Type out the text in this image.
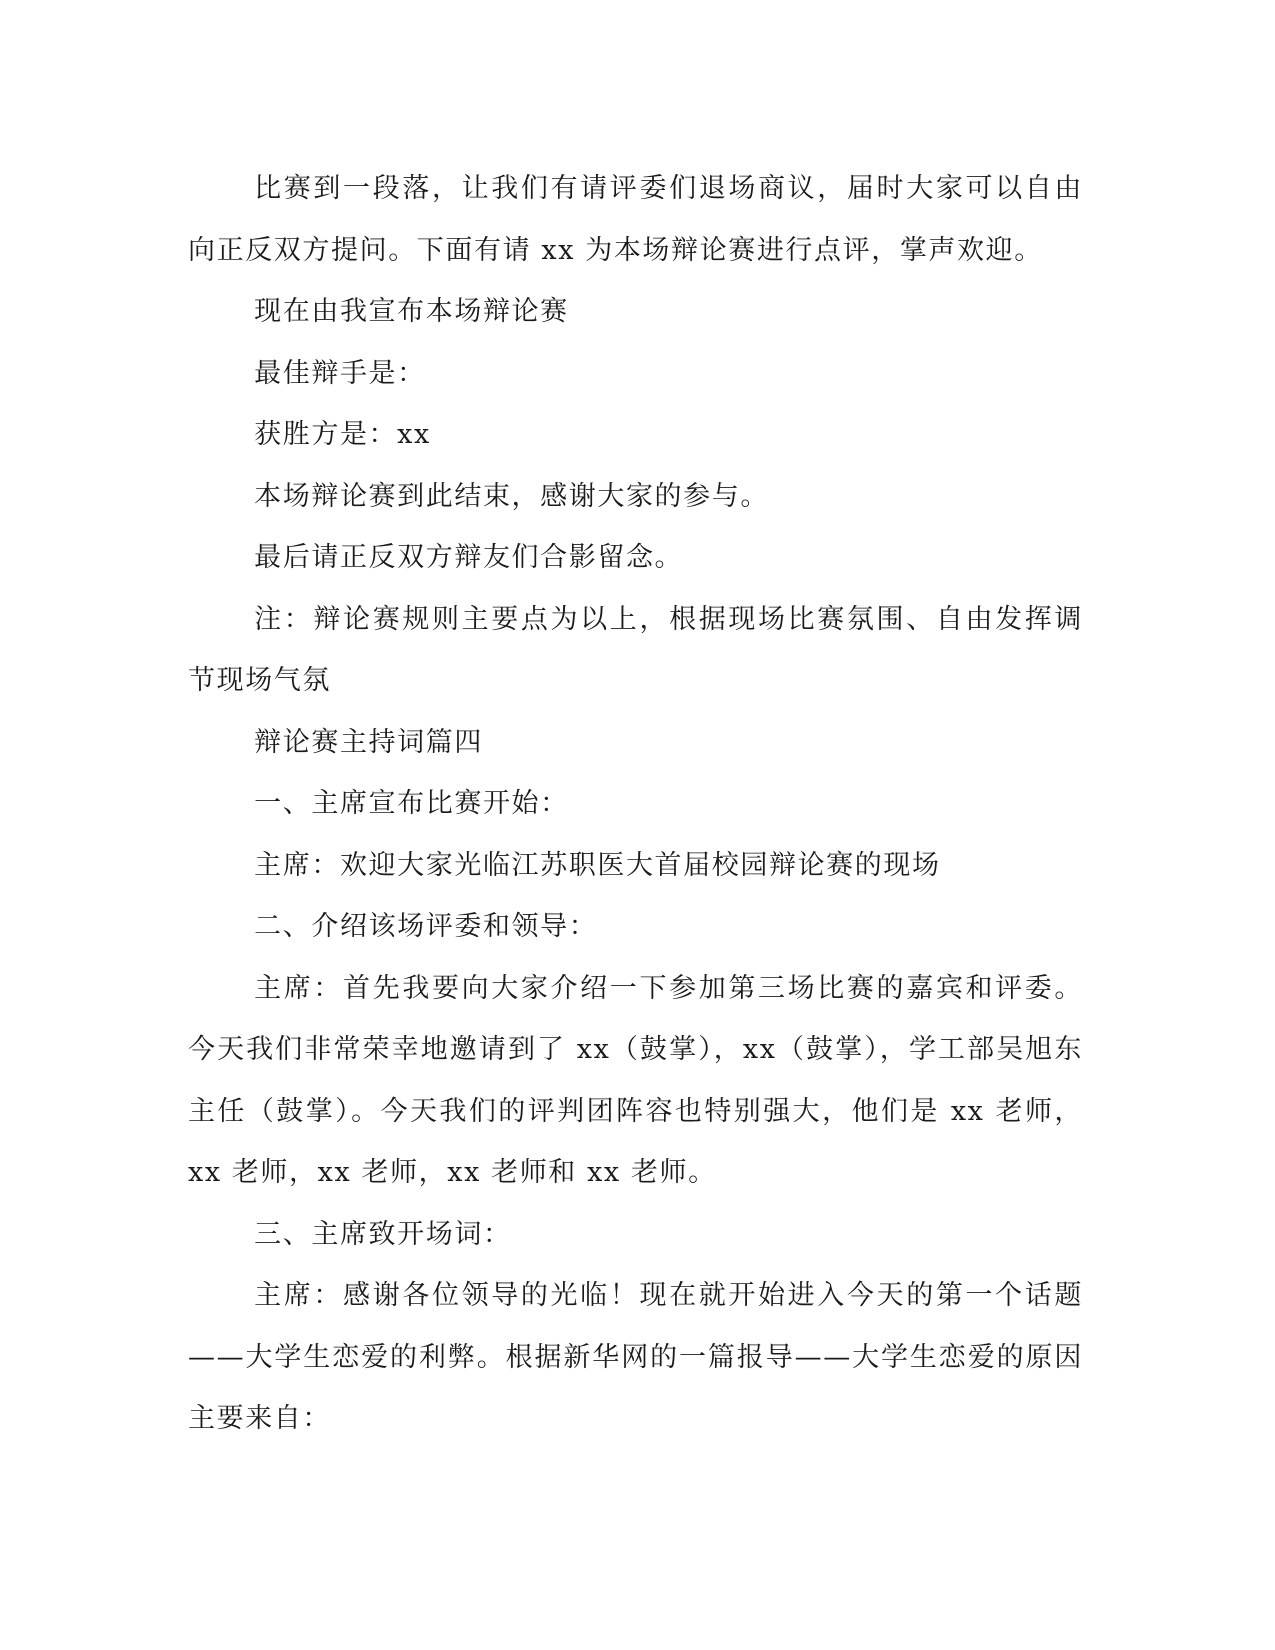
比赛到一段落，让我们有请评委们退场商议，届时大家可以自由向正反双方提问。下面有请 xx 为本场辩论赛进行点评，掌声欢迎。

现在由我宣布本场辩论赛

最佳辩手是：

获胜方是：xx

本场辩论赛到此结束，感谢大家的参与。

最后请正反双方辩友们合影留念。

注：辩论赛规则主要点为以上，根据现场比赛氛围、自由发挥调节现场气氛

辩论赛主持词篇四

一、主席宣布比赛开始：

主席：欢迎大家光临江苏职医大首届校园辩论赛的现场

二、介绍该场评委和领导：

主席：首先我要向大家介绍一下参加第三场比赛的嘉宾和评委。今天我们非常荣幸地邀请到了 xx（鼓掌），xx（鼓掌），学工部吴旭东主任（鼓掌）。今天我们的评判团阵容也特别强大，他们是 xx 老师，xx 老师，xx 老师，xx 老师和 xx 老师。

三、主席致开场词：

主席：感谢各位领导的光临！现在就开始进入今天的第一个话题——大学生恋爱的利弊。根据新华网的一篇报导——大学生恋爱的原因主要来自：
